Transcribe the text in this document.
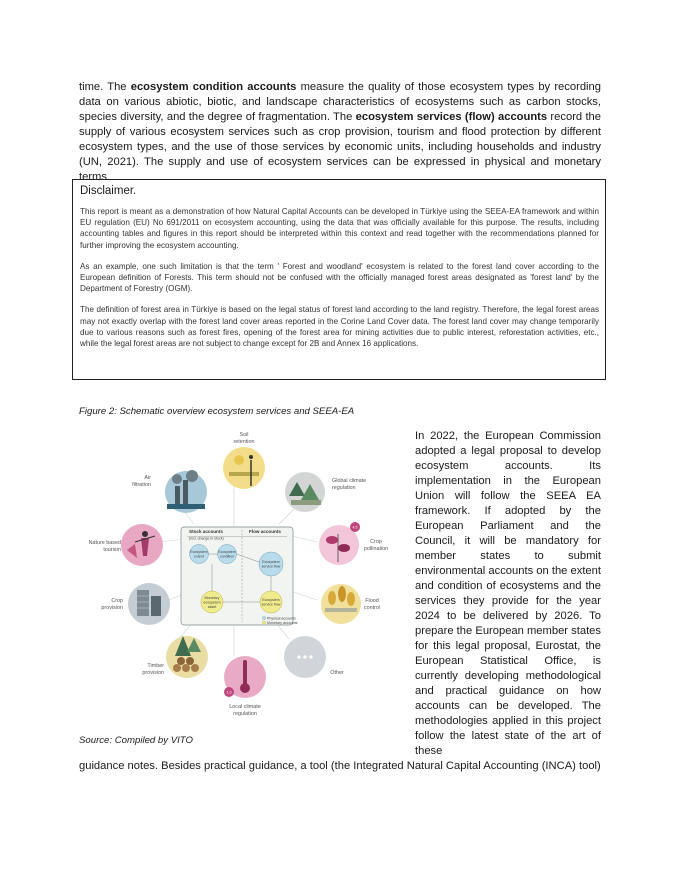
time. The ecosystem condition accounts measure the quality of those ecosystem types by recording data on various abiotic, biotic, and landscape characteristics of ecosystems such as carbon stocks, species diversity, and the degree of fragmentation. The ecosystem services (flow) accounts record the supply of various ecosystem services such as crop provision, tourism and flood protection by different ecosystem types, and the use of those services by economic units, including households and industry (UN, 2021). The supply and use of ecosystem services can be expressed in physical and monetary terms.

Disclaimer.

This report is meant as a demonstration of how Natural Capital Accounts can be developed in Türkiye using the SEEA-EA framework and within EU regulation (EU) No 691/2011 on ecosystem accounting, using the data that was officially available for this purpose. The results, including accounting tables and figures in this report should be interpreted within this context and read together with the recommendations planned for further improving the ecosystem accounting.

As an example, one such limitation is that the term ' Forest and woodland' ecosystem is related to the forest land cover according to the European definition of Forests. This term should not be confused with the officially managed forest areas designated as 'forest land' by the Department of Forestry (OGM).

The definition of forest area in Türkiye is based on the legal status of forest land according to the land registry. Therefore, the legal forest areas may not exactly overlap with the forest land cover areas reported in the Corine Land Cover data. The forest land cover may change temporarily due to various reasons such as forest fires, opening of the forest area for mining activities due to public interest, reforestation activities, etc., while the legal forest areas are not subject to change except for 2B and Annex 16 applications.

Figure 2: Schematic overview ecosystem services and SEEA-EA

Soil
retention
Air
filtration
Global climate
regulation
Nature based
tourism
4.5
Crop
pollination
Crop
provision
Flood
control
Timber
provision	Other
1.5
Local climate
regulation
Stock accounts
(incl. change in stock)
Flow accounts
Ecosystem
extent
Ecosystem
condition
Ecosystem
service flow
Monetary
ecosystem
asset
Ecosystem
service flow
Physical accounts
Monetary accounts

Source: Compiled by VITO

In 2022, the European Commission adopted a legal proposal to develop ecosystem accounts. Its implementation in the European Union will follow the SEEA EA framework. If adopted by the European Parliament and the Council, it will be mandatory for member states to submit environmental accounts on the extent and condition of ecosystems and the services they provide for the year 2024 to be delivered by 2026. To prepare the European member states for this legal proposal, Eurostat, the European Statistical Office, is currently developing methodological and practical guidance on how accounts can be developed. The methodologies applied in this project follow the latest state of the art of these

guidance notes. Besides practical guidance, a tool (the Integrated Natural Capital Accounting (INCA) tool)
